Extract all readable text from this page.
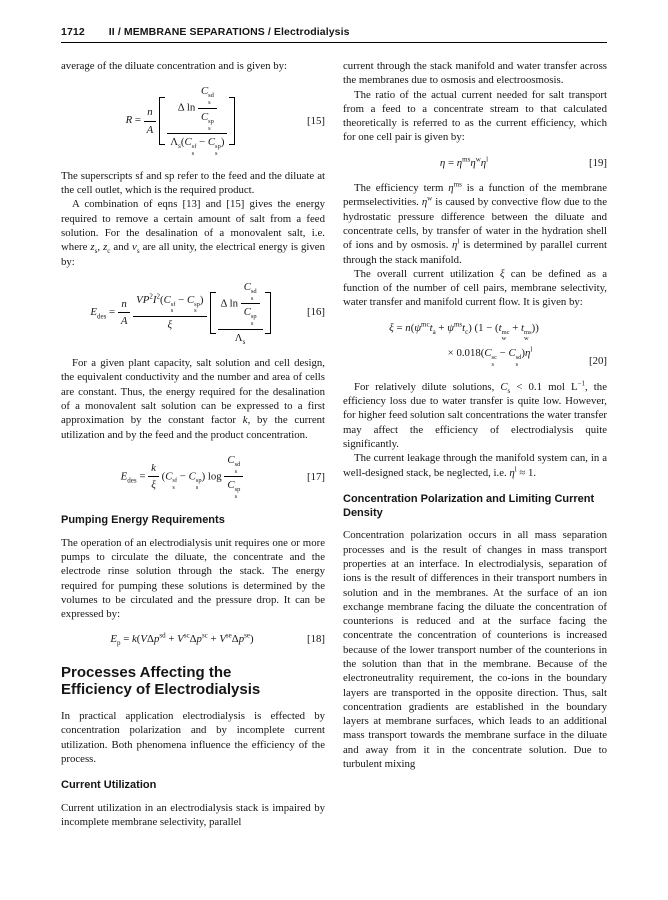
1712 II / MEMBRANE SEPARATIONS / Electrodialysis

average of the diluate concentration and is given by:

$R = \frac{n}{A}$ Δ ln C sd
s
C sp
s
$\Lambda_s(C$ sf
s
− C sp
s
)	[15]

The superscripts sf and sp refer to the feed and the diluate at the cell outlet, which is the required product.

A combination of eqns [13] and [15] gives the energy required to remove a certain amount of salt from a feed solution. For the desalination of a monovalent salt, i.e. where $z_s$, $z_c$ and $\nu_s$ are all unity, the electrical energy is given by:

$E_{des} = \frac{n}{A}$
$VP^2I^2(C$ sf
s
− C sp
s
)
ξ Δ ln C sd
s
C sp
s
$\Lambda_s$	[16]

For a given plant capacity, salt solution and cell design, the equivalent conductivity and the number and area of cells are constant. Thus, the energy required for the desalination of a monovalent salt solution can be expressed to a first approximation by the constant factor k, by the current utilization and by the feed and the product concentration.

$E_{des} = \frac{k}{\xi} (C$ sf
s
− C sp
s
) log C sd
s
C sp
s	[17]
Pumping Energy Requirements

The operation of an electrodialysis unit requires one or more pumps to circulate the diluate, the concentrate and the electrode rinse solution through the stack. The energy required for pumping these solutions is determined by the volumes to be circulated and the pressure drop. It can be expressed by:

$E_p = k(V\Delta p^{sd} + V^{sc}\Delta p^{sc} + V^{se}\Delta p^{se})$	[18]
Processes Affecting the Efficiency of Electrodialysis

In practical application electrodialysis is effected by concentration polarization and by incomplete current utilization. Both phenomena influence the efficiency of the process.

Current Utilization

Current utilization in an electrodialysis stack is impaired by incomplete membrane selectivity, parallel

current through the stack manifold and water transfer across the membranes due to osmosis and electroosmosis.

The ratio of the actual current needed for salt transport from a feed to a concentrate stream to that calculated theoretically is referred to as the current efficiency, which for one cell pair is given by:

$\eta = \eta^{ms}\eta^w\eta^l$	[19]

The efficiency term $\eta^{ms}$ is a function of the membrane permselectivities. $\eta^w$ is caused by convective flow due to the hydrostatic pressure difference between the diluate and concentrate cells, by transfer of water in the hydration shell of ions and by osmosis. $\eta^l$ is determined by parallel current through the stack manifold.

The overall current utilization ξ can be defined as a function of the number of cell pairs, membrane selectivity, water transfer and manifold current flow. It is given by:

$\xi = n(\psi^{mc}t_a + \psi^{ms}t_c) (1 - (t$ mc
w
+ t ms
w
))
× 0.018(C sc
s
− C sd
s
)$\eta^l$
[20]

For relatively dilute solutions, $C_s < 0.1$ mol $L^{-1}$, the efficiency loss due to water transfer is quite low. However, for higher feed solution salt concentrations the water transfer may affect the efficiency of electrodialysis quite significantly.

The current leakage through the manifold system can, in a well-designed stack, be neglected, i.e. $\eta^l \approx 1$.

Concentration Polarization and Limiting Current Density

Concentration polarization occurs in all mass separation processes and is the result of changes in mass transport properties at an interface. In electrodialysis, separation of ions is the result of differences in their transport numbers in solution and in the membranes. At the surface of an ion exchange membrane facing the diluate the concentration of counterions is reduced and at the surface facing the concentrate the concentration of counterions is increased because of the lower transport number of the counterions in the solution than that in the membrane. Because of the electroneutrality requirement, the co-ions in the boundary layers are transported in the opposite direction. Thus, salt concentration gradients are established in the boundary layers at membrane surfaces, which leads to an additional mass transport towards the membrane surface in the diluate and away from it in the concentrate solution. Due to turbulent mixing
